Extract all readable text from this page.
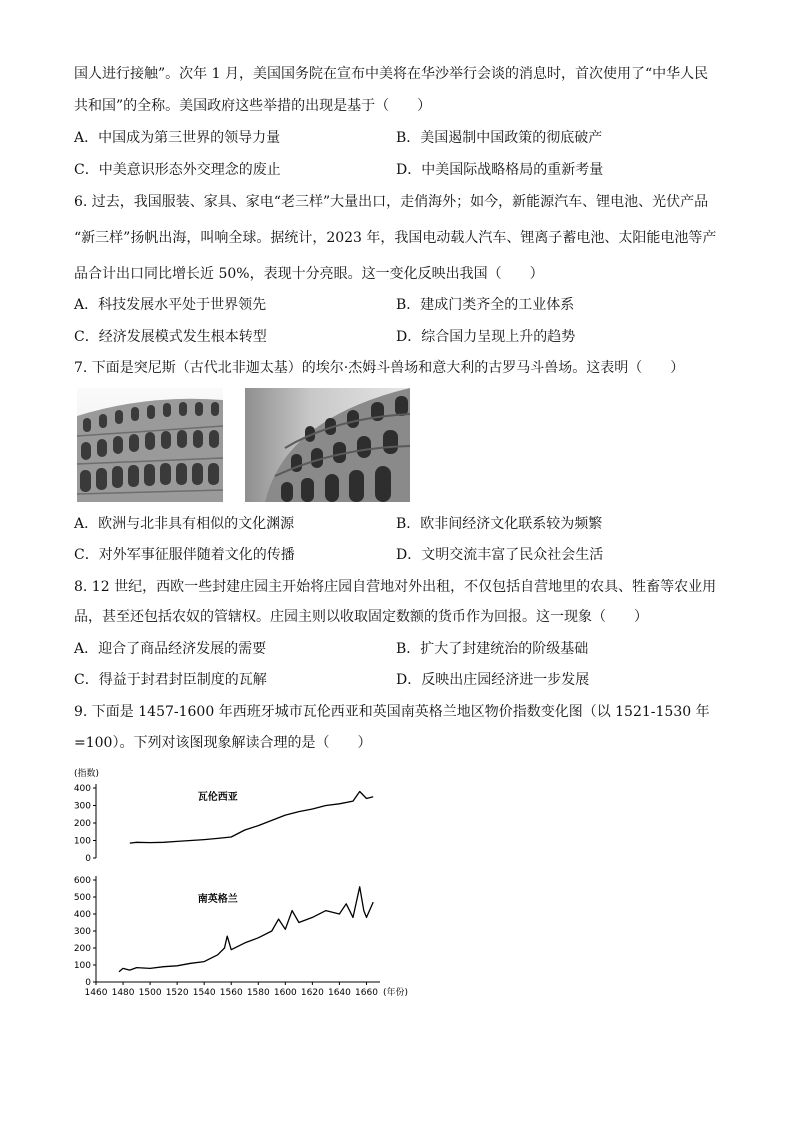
国人进行接触”。次年 1 月，美国国务院在宣布中美将在华沙举行会谈的消息时，首次使用了“中华人民
共和国”的全称。美国政府这些举措的出现是基于（　　）
A．中国成为第三世界的领导力量	B．美国遏制中国政策的彻底破产
C．中美意识形态外交理念的废止	D．中美国际战略格局的重新考量
6. 过去，我国服装、家具、家电“老三样”大量出口，走俏海外；如今，新能源汽车、锂电池、光伏产品
“新三样”扬帆出海，叫响全球。据统计，2023 年，我国电动载人汽车、锂离子蓄电池、太阳能电池等产
品合计出口同比增长近 50%，表现十分亮眼。这一变化反映出我国（　　）
A．科技发展水平处于世界领先	B．建成门类齐全的工业体系
C．经济发展模式发生根本转型	D．综合国力呈现上升的趋势
7. 下面是突尼斯（古代北非迦太基）的埃尔·杰姆斗兽场和意大利的古罗马斗兽场。这表明（　　）
A．欧洲与北非具有相似的文化渊源	B．欧非间经济文化联系较为频繁
C．对外军事征服伴随着文化的传播	D．文明交流丰富了民众社会生活
8. 12 世纪，西欧一些封建庄园主开始将庄园自营地对外出租，不仅包括自营地里的农具、牲畜等农业用
品，甚至还包括农奴的管辖权。庄园主则以收取固定数额的货币作为回报。这一现象（　　）
A．迎合了商品经济发展的需要	B．扩大了封建统治的阶级基础
C．得益于封君封臣制度的瓦解	D．反映出庄园经济进一步发展
9. 下面是 1457-1600 年西班牙城市瓦伦西亚和英国南英格兰地区物价指数变化图（以 1521-1530 年
=100）。下列对该图现象解读合理的是（　　）
(指数)
0
100
200
300
400
瓦伦西亚
0
100
200
300
400
500
600
南英格兰
1460 1480 1500 1520 1540 1560 1580 1600 1620 1640 1660 (年份)
